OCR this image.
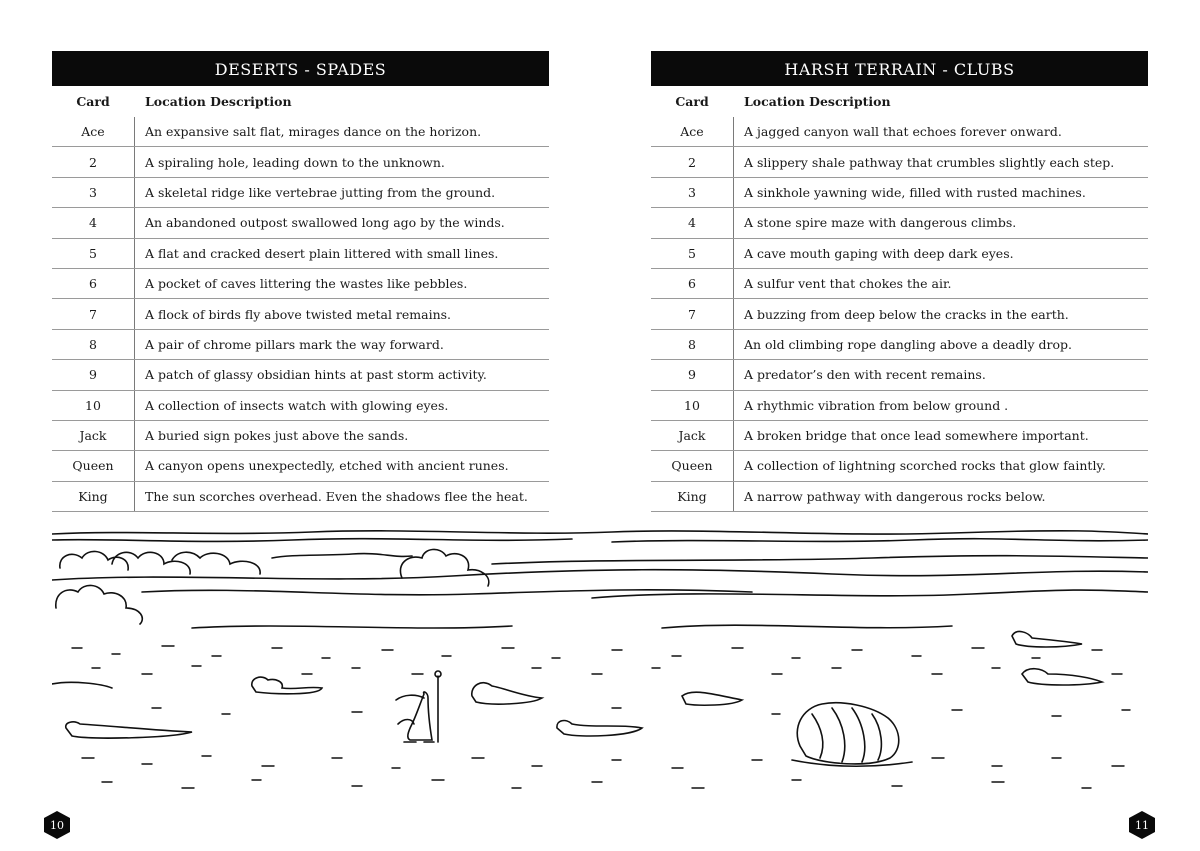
DESERTS - SPADES
Card	Location Description
Ace	An expansive salt flat, mirages dance on the horizon.
2	A spiraling hole, leading down to the unknown.
3	A skeletal ridge like vertebrae jutting from the ground.
4	An abandoned outpost swallowed long ago by the winds.
5	A flat and cracked desert plain littered with small lines.
6	A pocket of caves littering the wastes like pebbles.
7	A flock of birds fly above twisted metal remains.
8	A pair of chrome pillars mark the way forward.
9	A patch of glassy obsidian hints at past storm activity.
10	A collection of insects watch with glowing eyes.
Jack	A buried sign pokes just above the sands.
Queen	A canyon opens unexpectedly, etched with ancient runes.
King	The sun scorches overhead. Even the shadows flee the heat.
HARSH TERRAIN - CLUBS
Card	Location Description
Ace	A jagged canyon wall that echoes forever onward.
2	A slippery shale pathway that crumbles slightly each step.
3	A sinkhole yawning wide, filled with rusted machines.
4	A stone spire maze with dangerous climbs.
5	A cave mouth gaping with deep dark eyes.
6	A sulfur vent that chokes the air.
7	A buzzing from deep below the cracks in the earth.
8	An old climbing rope dangling above a deadly drop.
9	A predator’s den with recent remains.
10	A rhythmic vibration from below ground .
Jack	A broken bridge that once lead somewhere important.
Queen	A collection of lightning scorched rocks that glow faintly.
King	A narrow pathway with dangerous rocks below.
10	11
